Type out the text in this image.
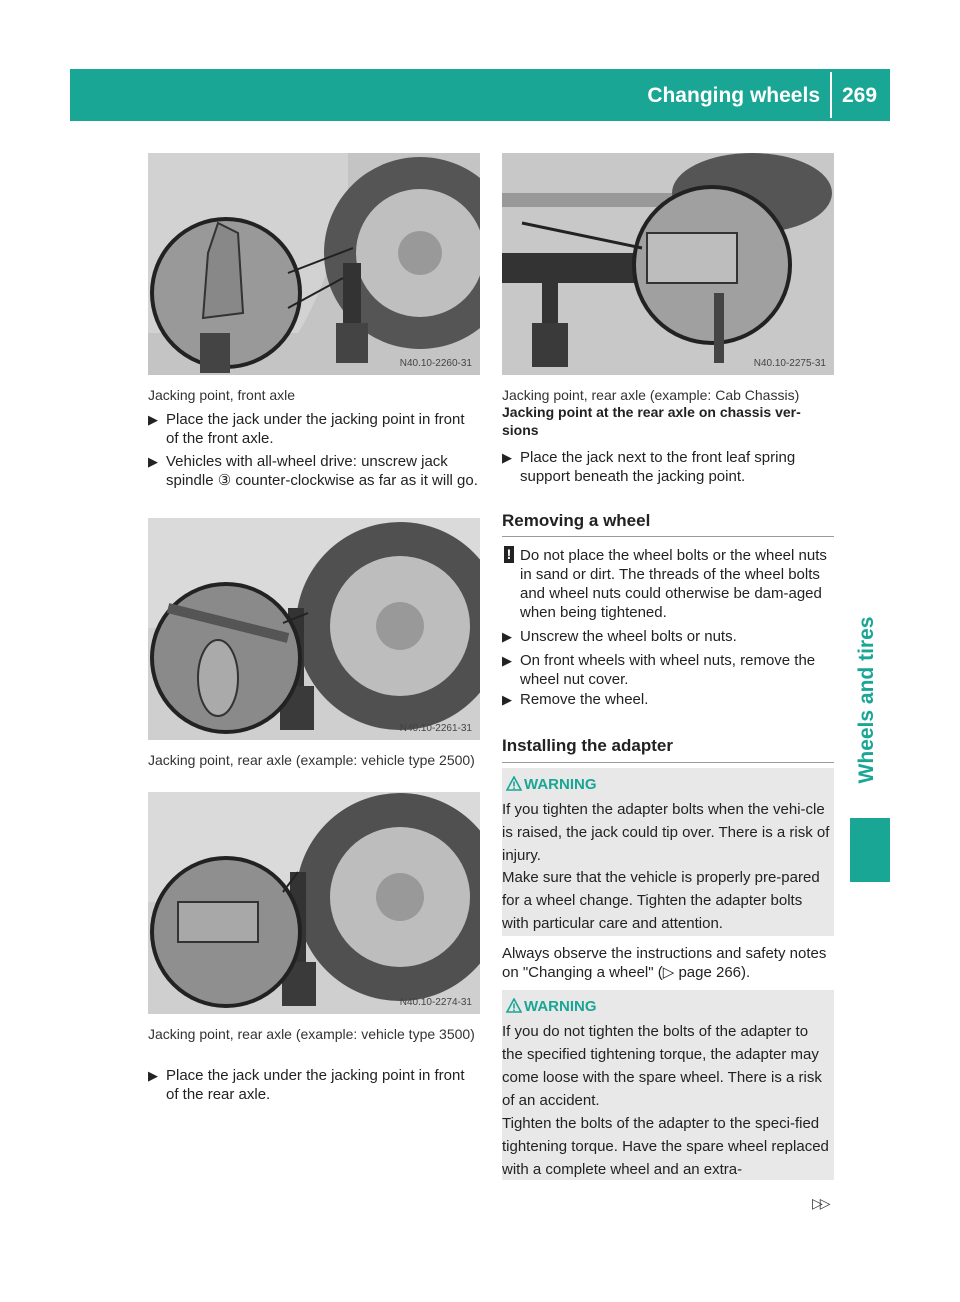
Changing wheels 269
Wheels and tires
N40.10-2260-31
Jacking point, front axle
▶ Place the jack under the jacking point in front of the front axle.
▶ Vehicles with all-wheel drive: unscrew jack spindle ③ counter-clockwise as far as it will go.
N40.10-2261-31
Jacking point, rear axle (example: vehicle type 2500)
N40.10-2274-31
Jacking point, rear axle (example: vehicle type 3500)
▶ Place the jack under the jacking point in front of the rear axle.
N40.10-2275-31
Jacking point, rear axle (example: Cab Chassis)
Jacking point at the rear axle on chassis ver-sions
▶ Place the jack next to the front leaf spring support beneath the jacking point.
Removing a wheel
! Do not place the wheel bolts or the wheel nuts in sand or dirt. The threads of the wheel bolts and wheel nuts could otherwise be dam-aged when being tightened.
▶ Unscrew the wheel bolts or nuts.
▶ On front wheels with wheel nuts, remove the wheel nut cover.
▶ Remove the wheel.
Installing the adapter
WARNING
If you tighten the adapter bolts when the vehi-cle is raised, the jack could tip over. There is a risk of injury.
Make sure that the vehicle is properly pre-pared for a wheel change. Tighten the adapter bolts with particular care and attention.
Always observe the instructions and safety notes on "Changing a wheel" (▷ page 266).
WARNING
If you do not tighten the bolts of the adapter to the specified tightening torque, the adapter may come loose with the spare wheel. There is a risk of an accident.
Tighten the bolts of the adapter to the speci-fied tightening torque. Have the spare wheel replaced with a complete wheel and an extra-
▷▷
